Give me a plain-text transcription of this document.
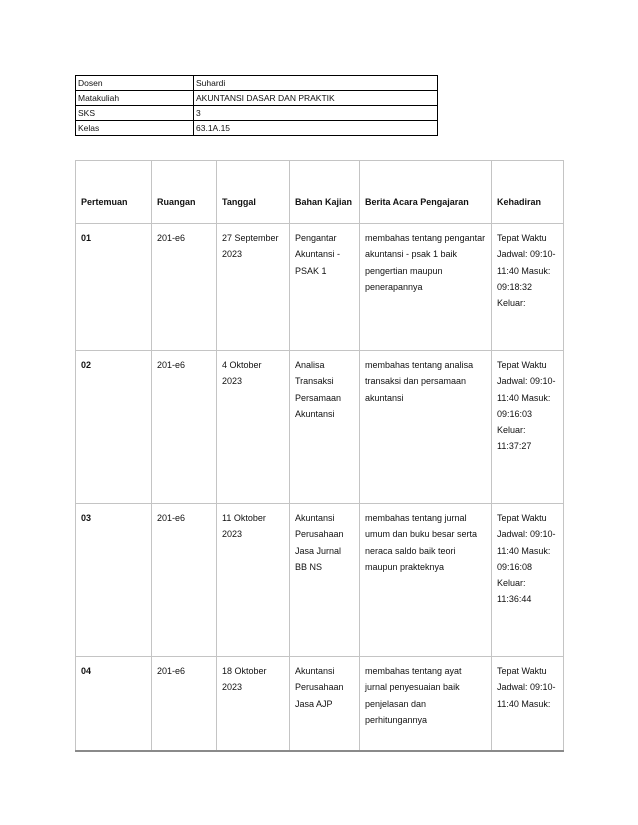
Dosen	Suhardi
Matakuliah	AKUNTANSI DASAR DAN PRAKTIK
SKS	3
Kelas	63.1A.15
Pertemuan	Ruangan	Tanggal	Bahan Kajian	Berita Acara Pengajaran	Kehadiran
01	201-e6	27 September 2023	Pengantar Akuntansi - PSAK 1	membahas tentang pengantar akuntansi - psak 1 baik pengertian maupun penerapannya	Tepat Waktu Jadwal: 09:10-11:40 Masuk: 09:18:32 Keluar:
02	201-e6	4 Oktober 2023	Analisa Transaksi Persamaan Akuntansi	membahas tentang analisa transaksi dan persamaan akuntansi	Tepat Waktu Jadwal: 09:10-11:40 Masuk: 09:16:03 Keluar: 11:37:27
03	201-e6	11 Oktober 2023	Akuntansi Perusahaan Jasa Jurnal BB NS	membahas tentang jurnal umum dan buku besar serta neraca saldo baik teori maupun prakteknya	Tepat Waktu Jadwal: 09:10-11:40 Masuk: 09:16:08 Keluar: 11:36:44
04	201-e6	18 Oktober 2023	Akuntansi Perusahaan Jasa AJP	membahas tentang ayat jurnal penyesuaian baik penjelasan dan perhitungannya	Tepat Waktu Jadwal: 09:10-11:40 Masuk:
